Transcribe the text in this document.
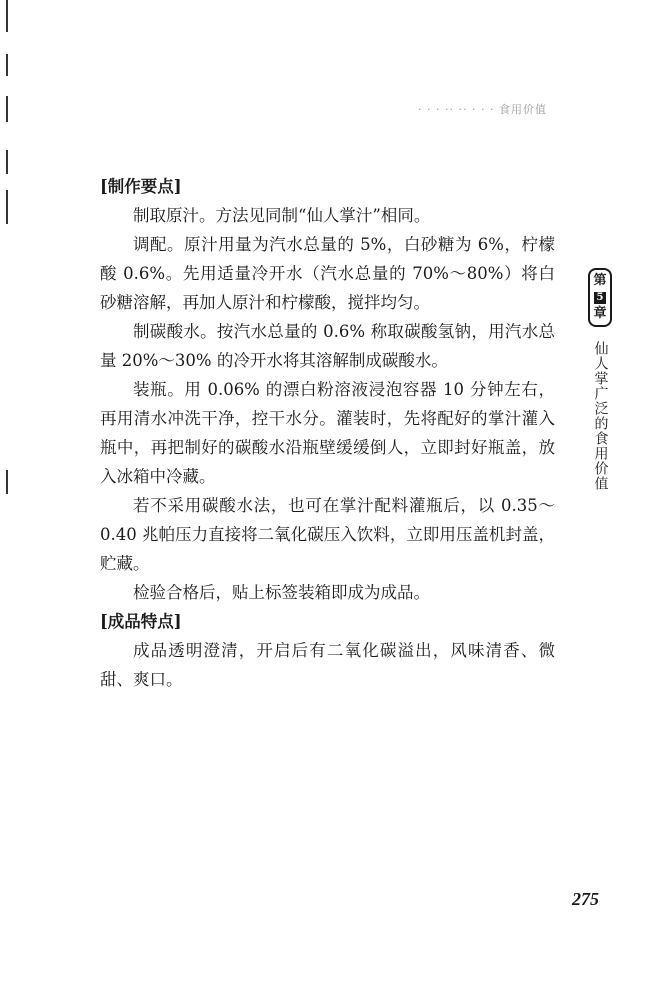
· · · ·· ·· · · · 食用价值

[制作要点]

制取原汁。方法见同制“仙人掌汁”相同。

调配。原汁用量为汽水总量的 5%，白砂糖为 6%，柠檬酸 0.6%。先用适量冷开水（汽水总量的 70%～80%）将白砂糖溶解，再加人原汁和柠檬酸，搅拌均匀。

制碳酸水。按汽水总量的 0.6% 称取碳酸氢钠，用汽水总量 20%～30% 的冷开水将其溶解制成碳酸水。

装瓶。用 0.06% 的漂白粉溶液浸泡容器 10 分钟左右，再用清水冲洗干净，控干水分。灌装时，先将配好的掌汁灌入瓶中，再把制好的碳酸水沿瓶壁缓缓倒人，立即封好瓶盖，放入冰箱中冷藏。

若不采用碳酸水法，也可在掌汁配料灌瓶后，以 0.35～0.40 兆帕压力直接将二氧化碳压入饮料，立即用压盖机封盖，贮藏。

检验合格后，贴上标签装箱即成为成品。

[成品特点]

成品透明澄清，开启后有二氧化碳溢出，风味清香、微甜、爽口。

第
5
章
仙人掌广泛的食用价值
275
